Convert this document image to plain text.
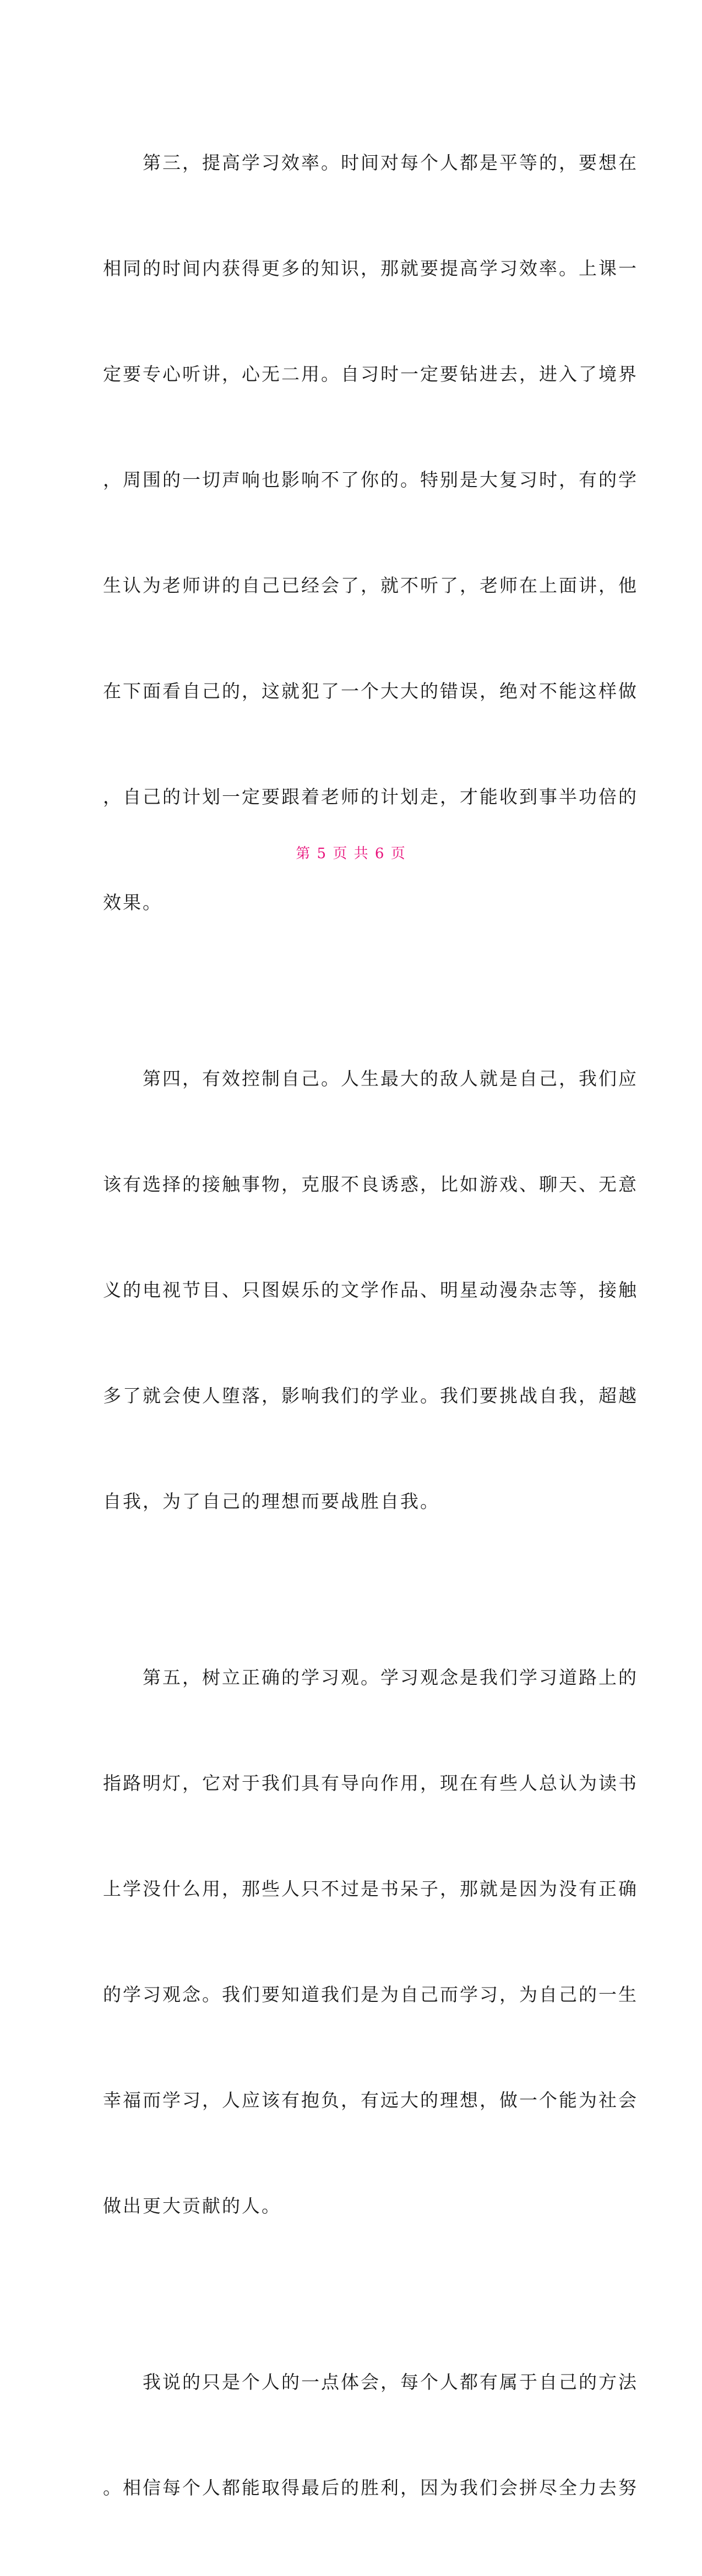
　　第三，提高学习效率。时间对每个人都是平等的，要想在

相同的时间内获得更多的知识，那就要提高学习效率。上课一

定要专心听讲，心无二用。自习时一定要钻进去，进入了境界

，周围的一切声响也影响不了你的。特别是大复习时，有的学

生认为老师讲的自己已经会了，就不听了，老师在上面讲，他

在下面看自己的，这就犯了一个大大的错误，绝对不能这样做

，自己的计划一定要跟着老师的计划走，才能收到事半功倍的

效果。

　　第四，有效控制自己。人生最大的敌人就是自己，我们应

该有选择的接触事物，克服不良诱惑，比如游戏、聊天、无意

义的电视节目、只图娱乐的文学作品、明星动漫杂志等，接触

多了就会使人堕落，影响我们的学业。我们要挑战自我，超越

自我，为了自己的理想而要战胜自我。

　　第五，树立正确的学习观。学习观念是我们学习道路上的

指路明灯，它对于我们具有导向作用，现在有些人总认为读书

上学没什么用，那些人只不过是书呆子，那就是因为没有正确

的学习观念。我们要知道我们是为自己而学习，为自己的一生

幸福而学习，人应该有抱负，有远大的理想，做一个能为社会

做出更大贡献的人。

　　我说的只是个人的一点体会，每个人都有属于自己的方法

。相信每个人都能取得最后的胜利，因为我们会拼尽全力去努

第 5 页 共 6 页
